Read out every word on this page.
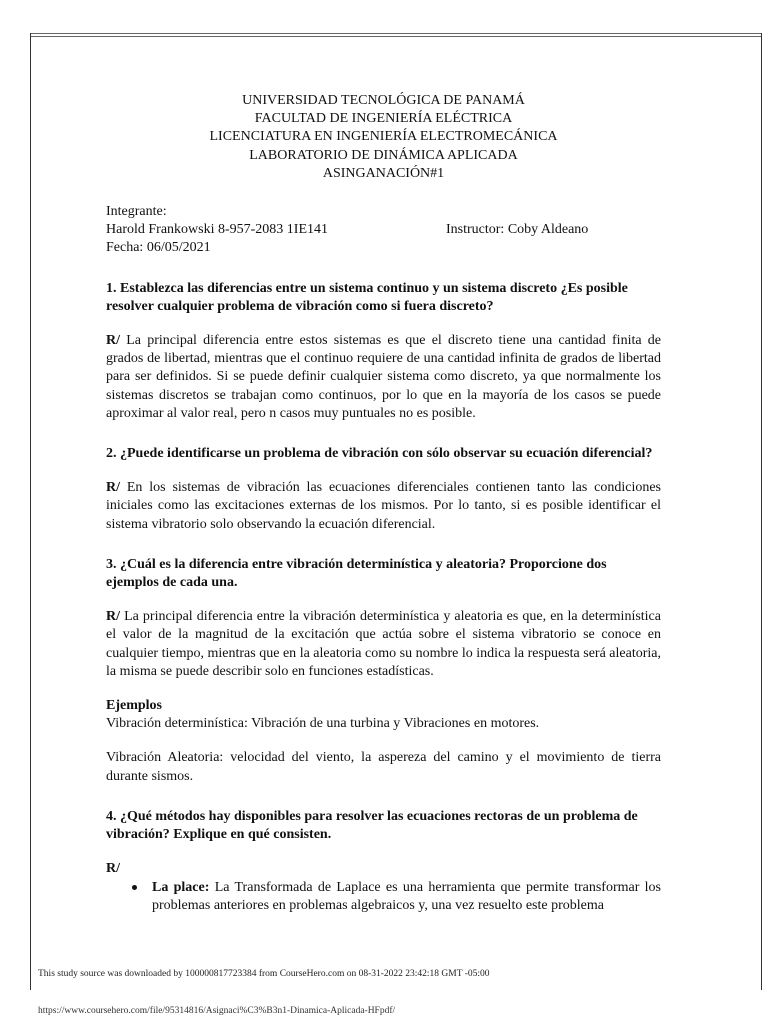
UNIVERSIDAD TECNOLÓGICA DE PANAMÁ
FACULTAD DE INGENIERÍA ELÉCTRICA
LICENCIATURA EN INGENIERÍA ELECTROMECÁNICA
LABORATORIO DE DINÁMICA APLICADA
ASINGANACIÓN#1
Integrante:
Harold Frankowski 8-957-2083 1IE141	Instructor: Coby Aldeano
Fecha: 06/05/2021

1. Establezca las diferencias entre un sistema continuo y un sistema discreto ¿Es posible resolver cualquier problema de vibración como si fuera discreto?

R/ La principal diferencia entre estos sistemas es que el discreto tiene una cantidad finita de grados de libertad, mientras que el continuo requiere de una cantidad infinita de grados de libertad para ser definidos. Si se puede definir cualquier sistema como discreto, ya que normalmente los sistemas discretos se trabajan como continuos, por lo que en la mayoría de los casos se puede aproximar al valor real, pero n casos muy puntuales no es posible.

2. ¿Puede identificarse un problema de vibración con sólo observar su ecuación diferencial?

R/ En los sistemas de vibración las ecuaciones diferenciales contienen tanto las condiciones iniciales como las excitaciones externas de los mismos. Por lo tanto, si es posible identificar el sistema vibratorio solo observando la ecuación diferencial.

3. ¿Cuál es la diferencia entre vibración determinística y aleatoria? Proporcione dos ejemplos de cada una.

R/ La principal diferencia entre la vibración determinística y aleatoria es que, en la determinística el valor de la magnitud de la excitación que actúa sobre el sistema vibratorio se conoce en cualquier tiempo, mientras que en la aleatoria como su nombre lo indica la respuesta será aleatoria, la misma se puede describir solo en funciones estadísticas.

Ejemplos

Vibración determinística: Vibración de una turbina y Vibraciones en motores.

Vibración Aleatoria: velocidad del viento, la aspereza del camino y el movimiento de tierra durante sismos.

4. ¿Qué métodos hay disponibles para resolver las ecuaciones rectoras de un problema de vibración? Explique en qué consisten.

R/

La place: La Transformada de Laplace es una herramienta que permite transformar los problemas anteriores en problemas algebraicos y, una vez resuelto este problema
This study source was downloaded by 100000817723384 from CourseHero.com on 08-31-2022 23:42:18 GMT -05:00
https://www.coursehero.com/file/95314816/Asignaci%C3%B3n1-Dinamica-Aplicada-HFpdf/
